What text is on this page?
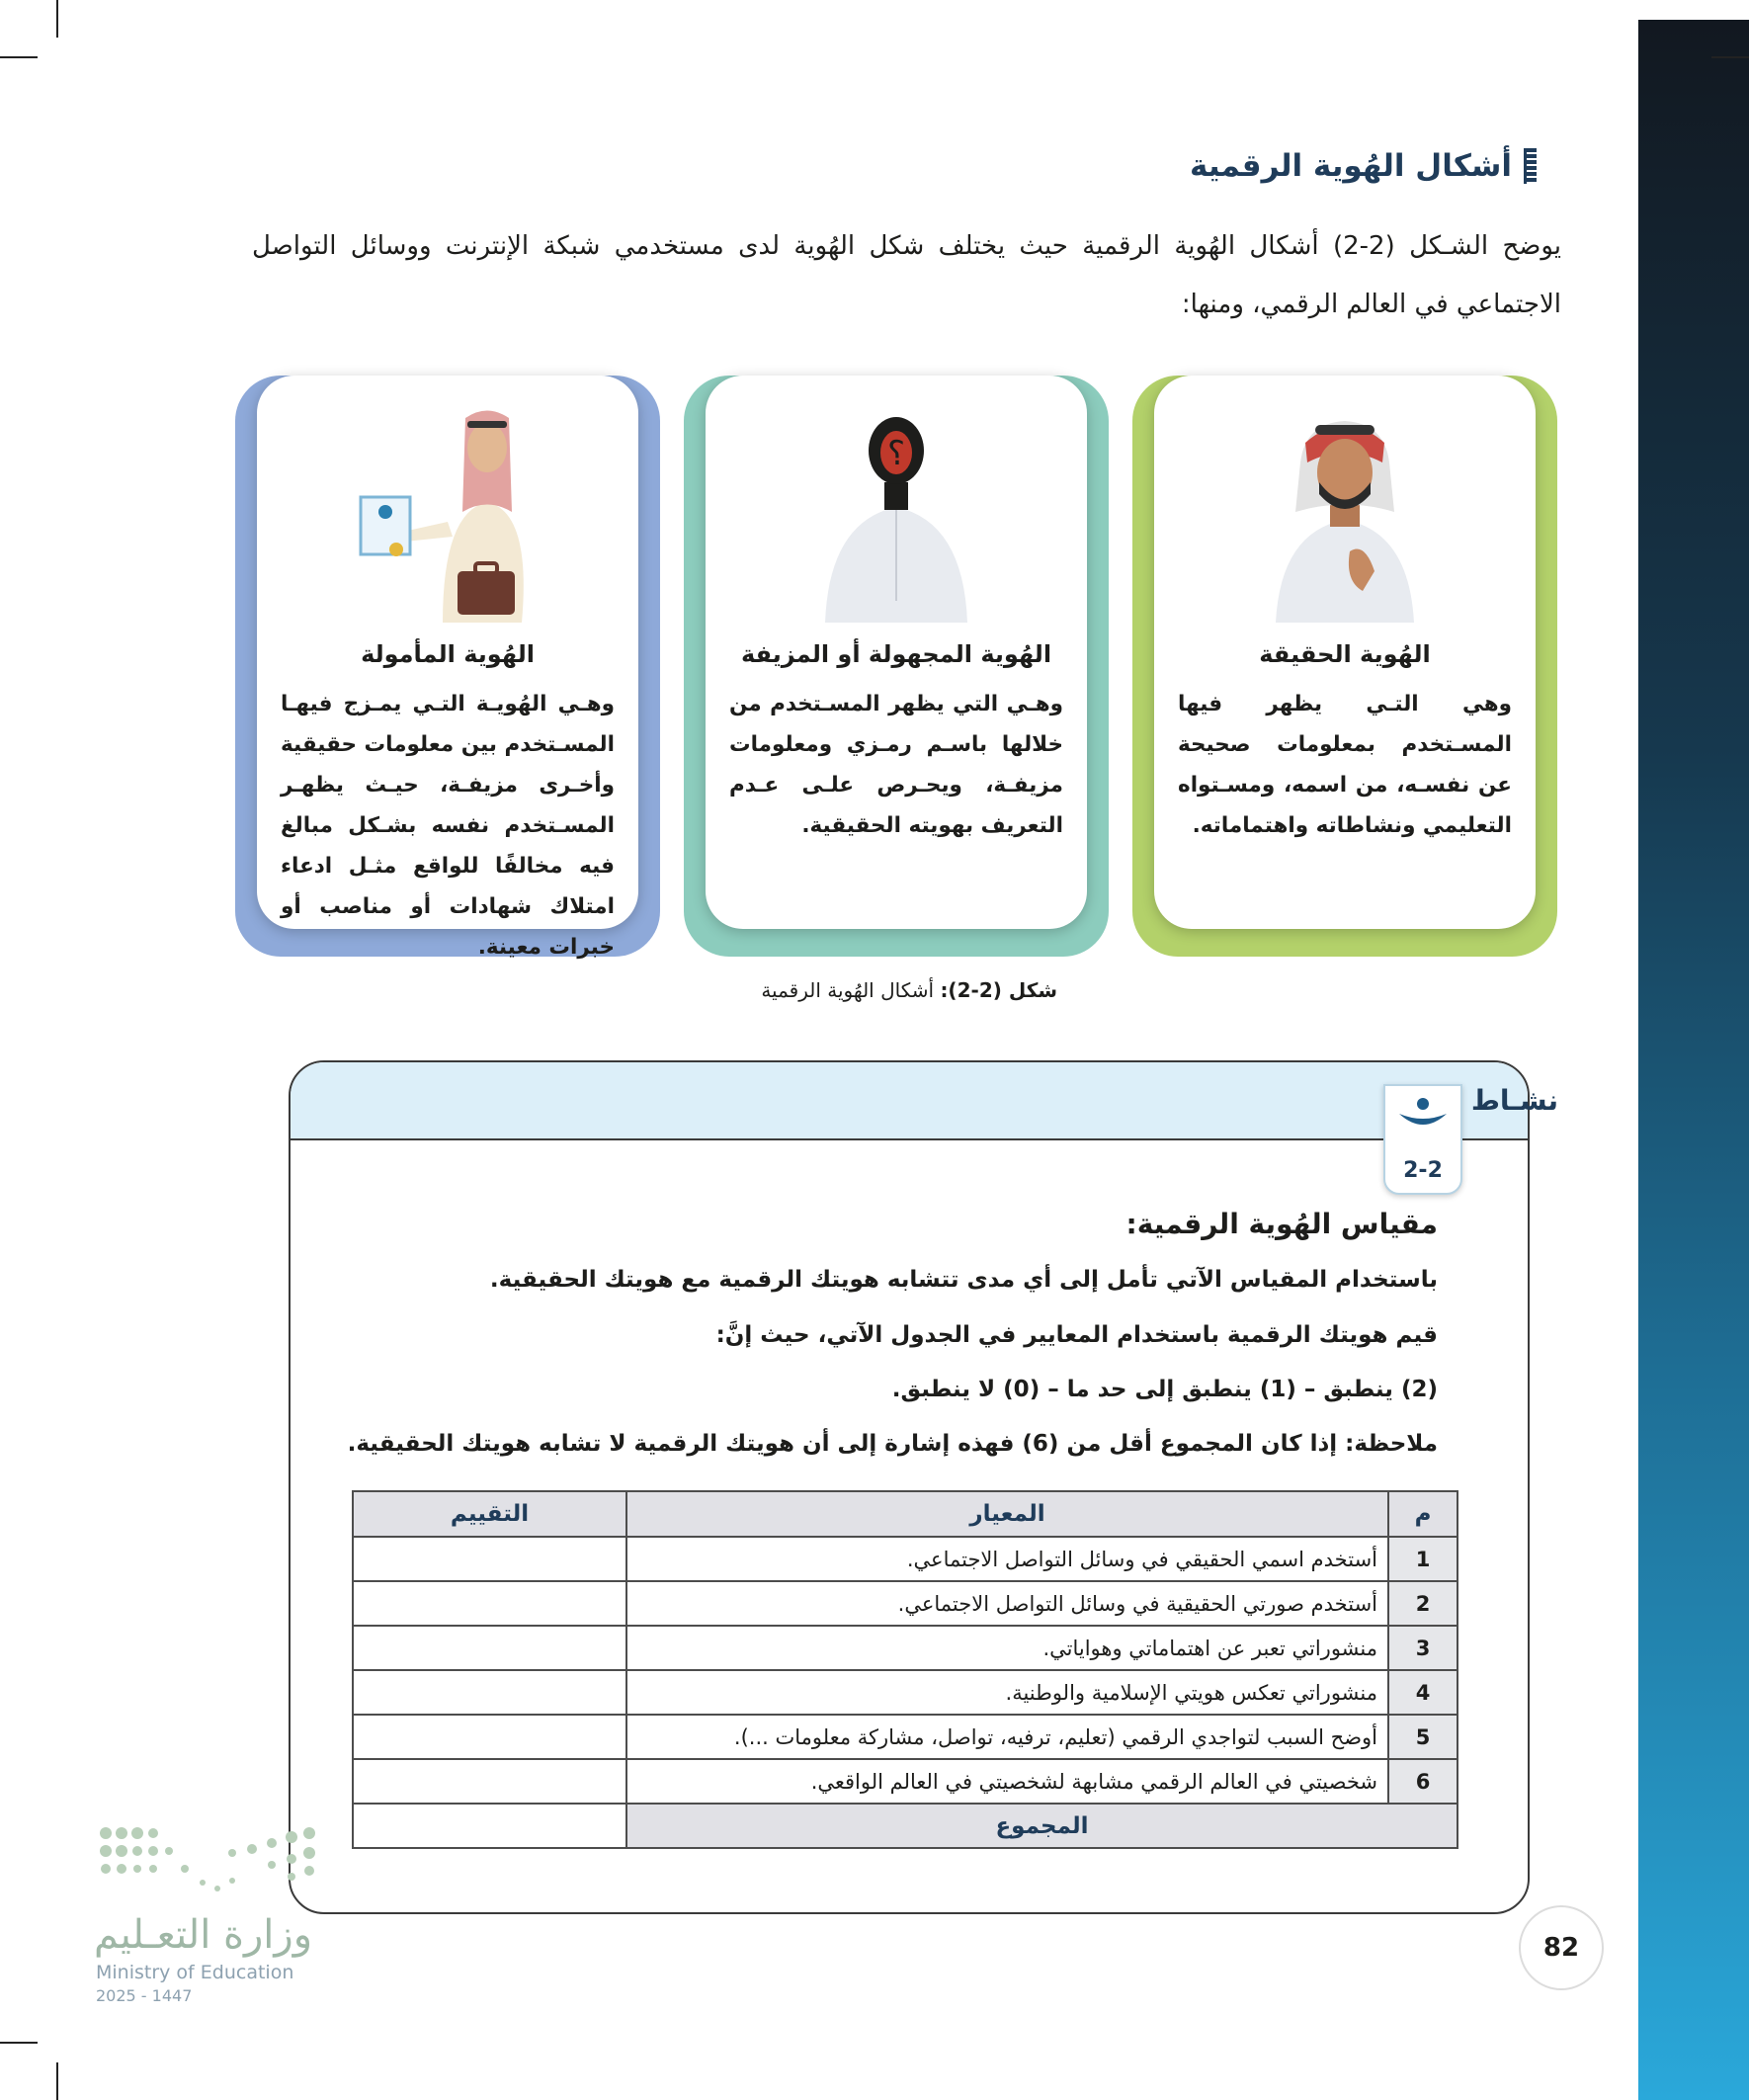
أشكال الهُوية الرقمية

يوضح الشـكل (2-2) أشكال الهُوية الرقمية حيث يختلف شكل الهُوية لدى مستخدمي شبكة الإنترنت ووسائل التواصل الاجتماعي في العالم الرقمي، ومنها:

الهُوية الحقيقة

وهي التـي يظهر فيها المسـتخدم بمعلومات صحيحة عن نفسـه، من اسمه، ومسـتواه التعليمي ونشاطاته واهتماماته.

؟
الهُوية المجهولة أو المزيفة

وهـي التي يظهر المسـتخدم من خلالها باسـم رمـزي ومعلومات مزيفـة، ويحـرص علـى عـدم التعريف بهويته الحقيقية.

الهُوية المأمولة

وهـي الهُويـة التـي يمـزج فيهـا المسـتخدم بين معلومات حقيقية وأخـرى مزيفـة، حيـث يظهـر المسـتخدم نفسه بشـكل مبالغ فيه مخالفًا للواقع مثـل ادعاء امتلاك شهادات أو مناصب أو خبرات معينة.

شكل (2-2): أشكال الهُوية الرقمية
نشـاط
2-2
مقياس الهُوية الرقمية:

باستخدام المقياس الآتي تأمل إلى أي مدى تتشابه هويتك الرقمية مع هويتك الحقيقية.

قيم هويتك الرقمية باستخدام المعايير في الجدول الآتي، حيث إنَّ:

(2) ينطبق – (1) ينطبق إلى حد ما – (0) لا ينطبق.

ملاحظة: إذا كان المجموع أقل من (6) فهذه إشارة إلى أن هويتك الرقمية لا تشابه هويتك الحقيقية.

م	المعيار	التقييم
1	أستخدم اسمي الحقيقي في وسائل التواصل الاجتماعي.	
2	أستخدم صورتي الحقيقية في وسائل التواصل الاجتماعي.	
3	منشوراتي تعبر عن اهتماماتي وهواياتي.	
4	منشوراتي تعكس هويتي الإسلامية والوطنية.	
5	أوضح السبب لتواجدي الرقمي (تعليم، ترفيه، تواصل، مشاركة معلومات ...).	
6	شخصيتي في العالم الرقمي مشابهة لشخصيتي في العالم الواقعي.	
المجموع		
82
وزارة التعـليم
Ministry of Education
2025 - 1447
